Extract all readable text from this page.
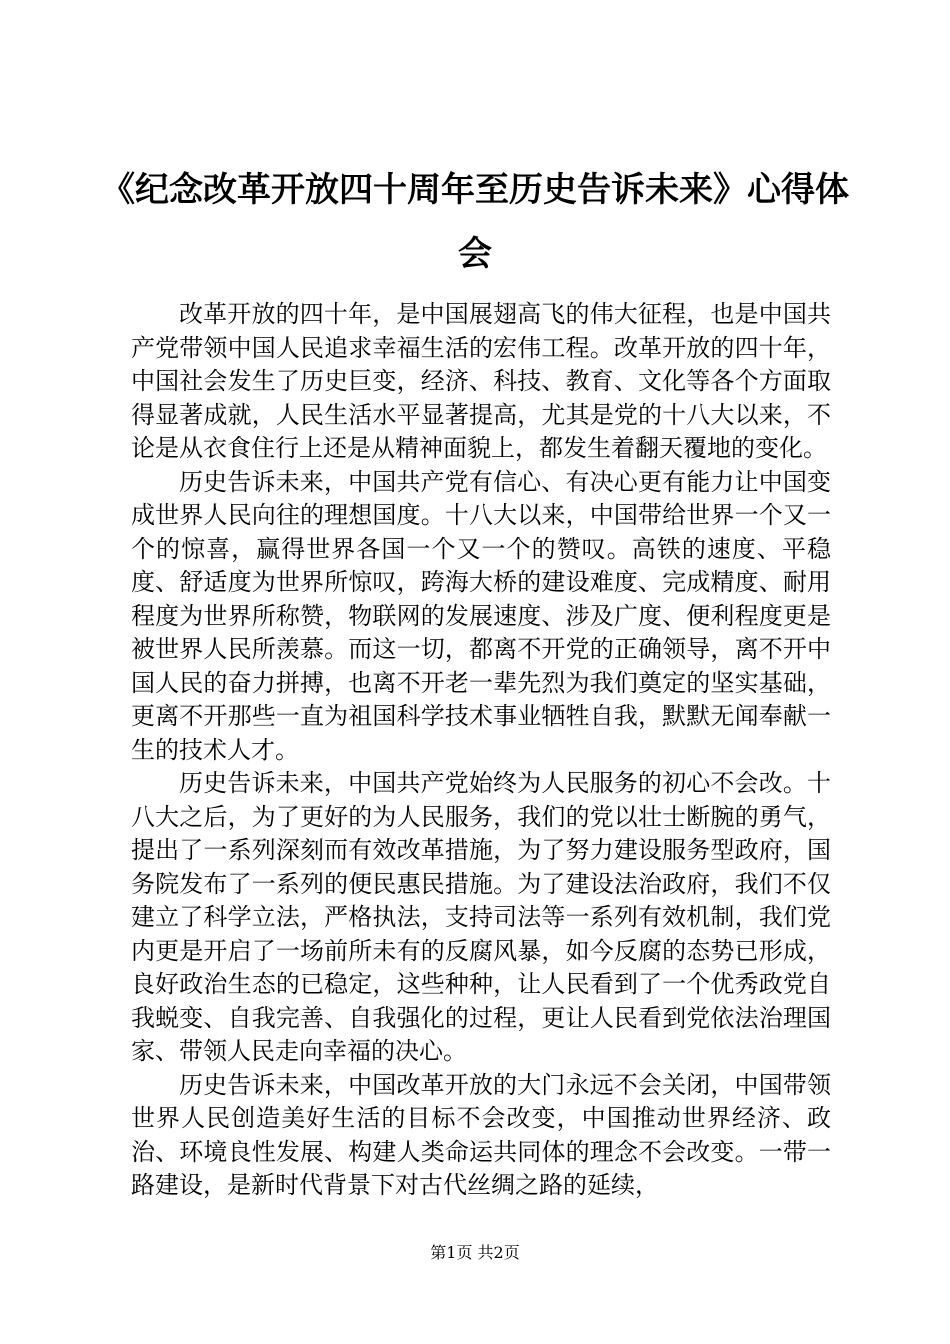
《纪念改革开放四十周年至历史告诉未来》心得体会

改革开放的四十年，是中国展翅高飞的伟大征程，也是中国共产党带领中国人民追求幸福生活的宏伟工程。改革开放的四十年，中国社会发生了历史巨变，经济、科技、教育、文化等各个方面取得显著成就，人民生活水平显著提高，尤其是党的十八大以来，不论是从衣食住行上还是从精神面貌上，都发生着翻天覆地的变化。

历史告诉未来，中国共产党有信心、有决心更有能力让中国变成世界人民向往的理想国度。十八大以来，中国带给世界一个又一个的惊喜，赢得世界各国一个又一个的赞叹。高铁的速度、平稳度、舒适度为世界所惊叹，跨海大桥的建设难度、完成精度、耐用程度为世界所称赞，物联网的发展速度、涉及广度、便利程度更是被世界人民所羡慕。而这一切，都离不开党的正确领导，离不开中国人民的奋力拼搏，也离不开老一辈先烈为我们奠定的坚实基础，更离不开那些一直为祖国科学技术事业牺牲自我，默默无闻奉献一生的技术人才。

历史告诉未来，中国共产党始终为人民服务的初心不会改。十八大之后，为了更好的为人民服务，我们的党以壮士断腕的勇气，提出了一系列深刻而有效改革措施，为了努力建设服务型政府，国务院发布了一系列的便民惠民措施。为了建设法治政府，我们不仅建立了科学立法，严格执法，支持司法等一系列有效机制，我们党内更是开启了一场前所未有的反腐风暴，如今反腐的态势已形成，良好政治生态的已稳定，这些种种，让人民看到了一个优秀政党自我蜕变、自我完善、自我强化的过程，更让人民看到党依法治理国家、带领人民走向幸福的决心。

历史告诉未来，中国改革开放的大门永远不会关闭，中国带领世界人民创造美好生活的目标不会改变，中国推动世界经济、政治、环境良性发展、构建人类命运共同体的理念不会改变。一带一路建设，是新时代背景下对古代丝绸之路的延续，

第1页 共2页
